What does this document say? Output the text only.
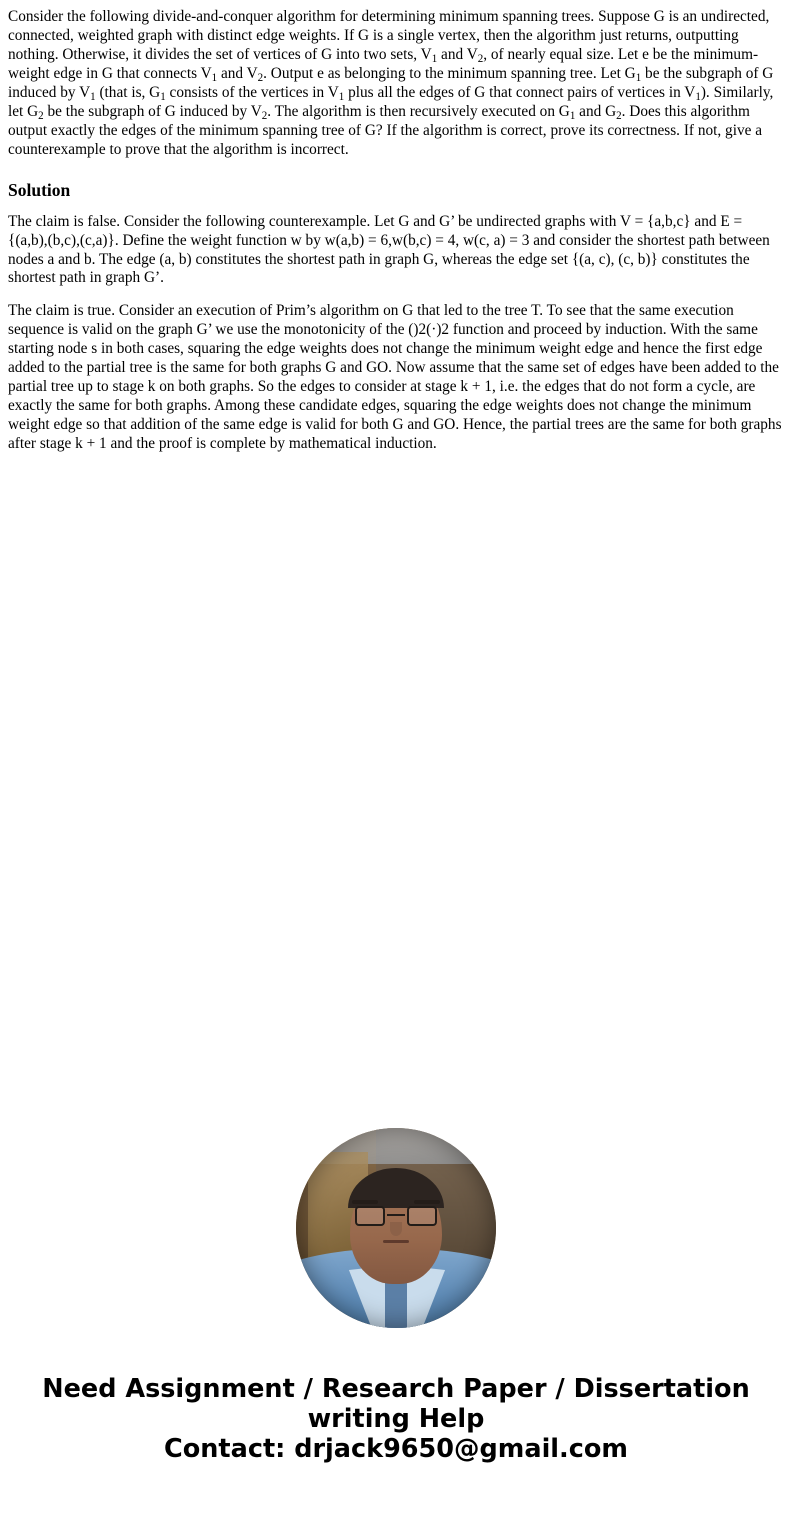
Consider the following divide-and-conquer algorithm for determining minimum spanning trees. Suppose G is an undirected, connected, weighted graph with distinct edge weights. If G is a single vertex, then the algorithm just returns, outputting nothing. Otherwise, it divides the set of vertices of G into two sets, $V_1$ and $V_2$, of nearly equal size. Let e be the minimum-weight edge in G that connects $V_1$ and $V_2$. Output e as belonging to the minimum spanning tree. Let $G_1$ be the subgraph of G induced by $V_1$ (that is, $G_1$ consists of the vertices in $V_1$ plus all the edges of G that connect pairs of vertices in $V_1$). Similarly, let $G_2$ be the subgraph of G induced by $V_2$. The algorithm is then recursively executed on $G_1$ and $G_2$. Does this algorithm output exactly the edges of the minimum spanning tree of G? If the algorithm is correct, prove its correctness. If not, give a counterexample to prove that the algorithm is incorrect.

Solution

The claim is false. Consider the following counterexample. Let G and G’ be undirected graphs with V = {a,b,c} and E = {(a,b),(b,c),(c,a)}. Define the weight function w by w(a,b) = 6,w(b,c) = 4, w(c, a) = 3 and consider the shortest path between nodes a and b. The edge (a, b) constitutes the shortest path in graph G, whereas the edge set {(a, c), (c, b)} constitutes the shortest path in graph G’.

The claim is true. Consider an execution of Prim’s algorithm on G that led to the tree T. To see that the same execution sequence is valid on the graph G’ we use the monotonicity of the ()2(·)2 function and proceed by induction. With the same starting node s in both cases, squaring the edge weights does not change the minimum weight edge and hence the first edge added to the partial tree is the same for both graphs G and GO. Now assume that the same set of edges have been added to the partial tree up to stage k on both graphs. So the edges to consider at stage k + 1, i.e. the edges that do not form a cycle, are exactly the same for both graphs. Among these candidate edges, squaring the edge weights does not change the minimum weight edge so that addition of the same edge is valid for both G and GO. Hence, the partial trees are the same for both graphs after stage k + 1 and the proof is complete by mathematical induction.

Need Assignment / Research Paper / Dissertation
writing Help
Contact: drjack9650@gmail.com
